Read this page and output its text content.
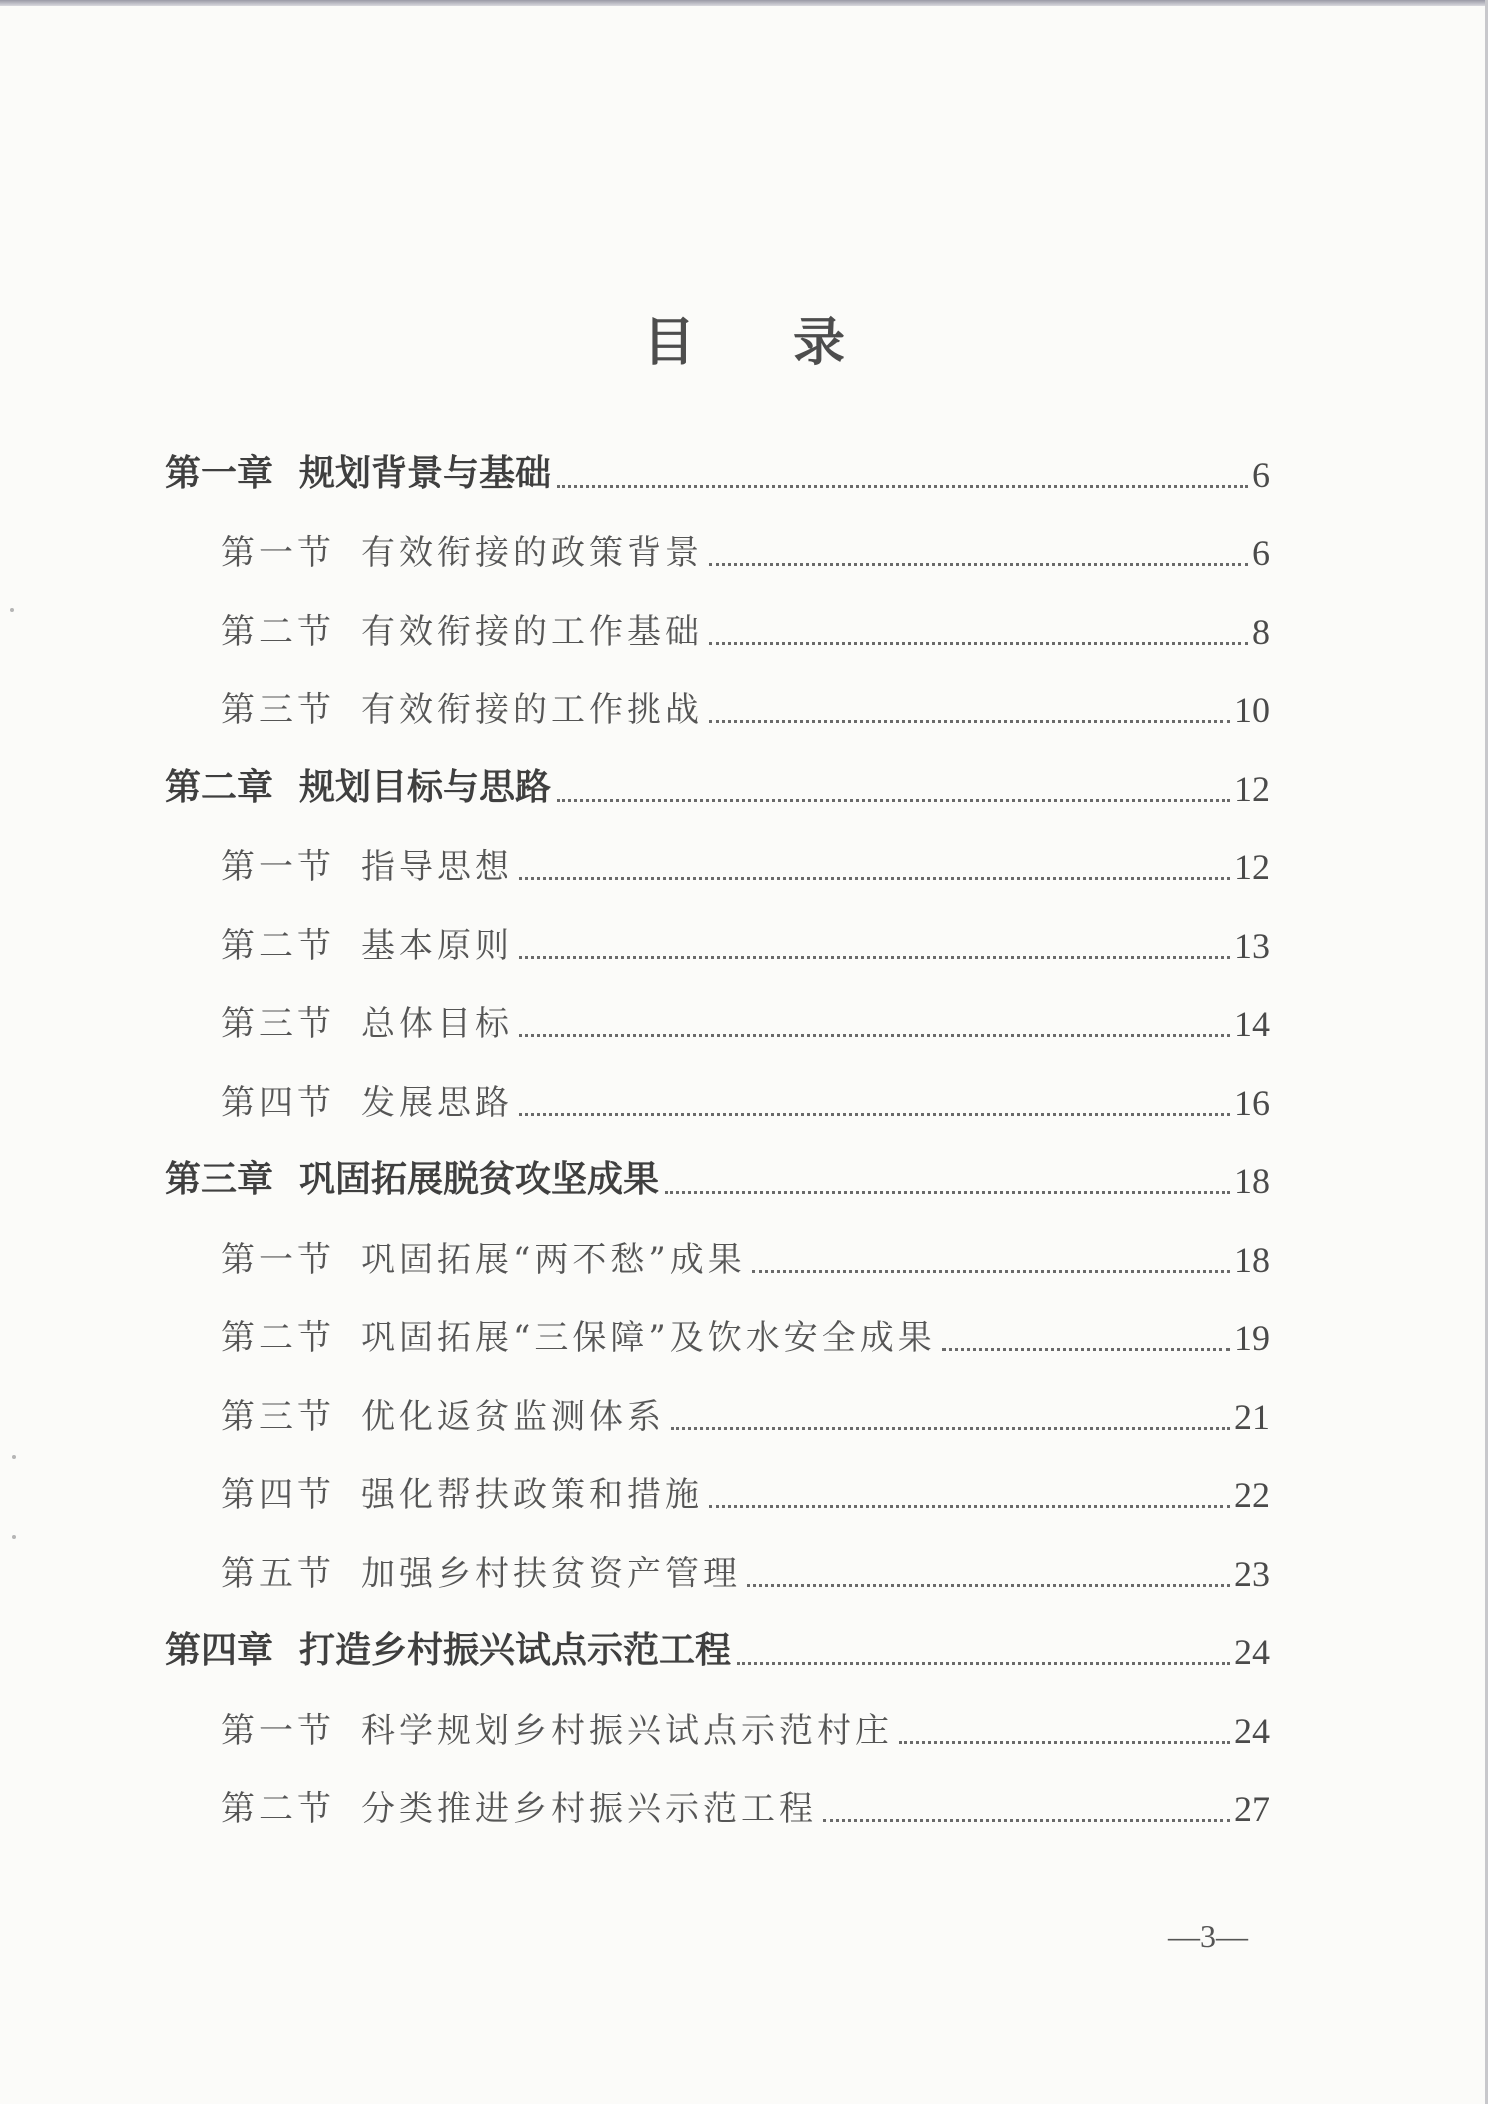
目 录
第一章 规划背景与基础	6
第一节 有效衔接的政策背景	6
第二节 有效衔接的工作基础	8
第三节 有效衔接的工作挑战	10
第二章 规划目标与思路	12
第一节 指导思想	12
第二节 基本原则	13
第三节 总体目标	14
第四节 发展思路	16
第三章 巩固拓展脱贫攻坚成果	18
第一节 巩固拓展“两不愁”成果	18
第二节 巩固拓展“三保障”及饮水安全成果	19
第三节 优化返贫监测体系	21
第四节 强化帮扶政策和措施	22
第五节 加强乡村扶贫资产管理	23
第四章 打造乡村振兴试点示范工程	24
第一节 科学规划乡村振兴试点示范村庄	24
第二节 分类推进乡村振兴示范工程	27
—3—
